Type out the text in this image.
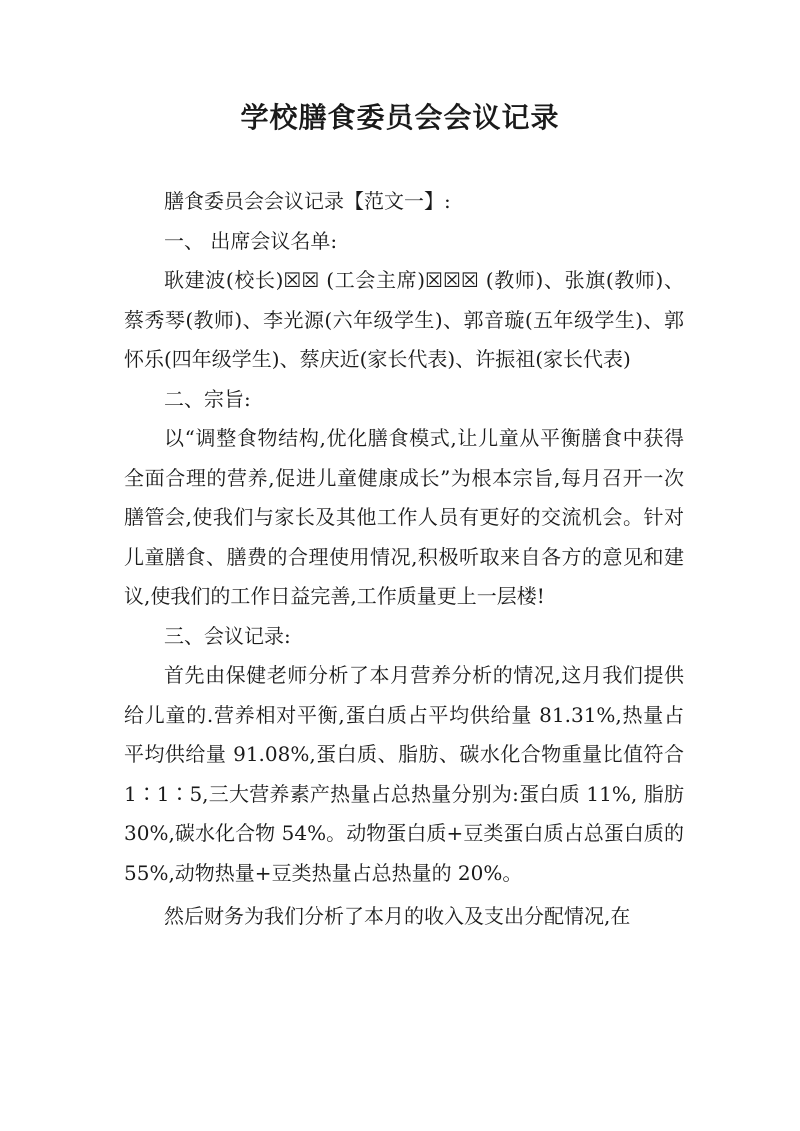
学校膳食委员会会议记录

膳食委员会会议记录【范文一】:

一、 出席会议名单:

耿建波(校长)☒☒ (工会主席)☒☒☒ (教师)、张旗(教师)、蔡秀琴(教师)、李光源(六年级学生)、郭音璇(五年级学生)、郭怀乐(四年级学生)、蔡庆近(家长代表)、许振祖(家长代表)

二、宗旨:

以“调整食物结构,优化膳食模式,让儿童从平衡膳食中获得全面合理的营养,促进儿童健康成长”为根本宗旨,每月召开一次膳管会,使我们与家长及其他工作人员有更好的交流机会。针对儿童膳食、膳费的合理使用情况,积极听取来自各方的意见和建议,使我们的工作日益完善,工作质量更上一层楼!

三、会议记录:

首先由保健老师分析了本月营养分析的情况,这月我们提供给儿童的.营养相对平衡,蛋白质占平均供给量 81.31%,热量占平均供给量 91.08%,蛋白质、脂肪、碳水化合物重量比值符合 1∶1∶5,三大营养素产热量占总热量分别为:蛋白质 11%, 脂肪 30%,碳水化合物 54%。动物蛋白质+豆类蛋白质占总蛋白质的 55%,动物热量+豆类热量占总热量的 20%。

然后财务为我们分析了本月的收入及支出分配情况,在
